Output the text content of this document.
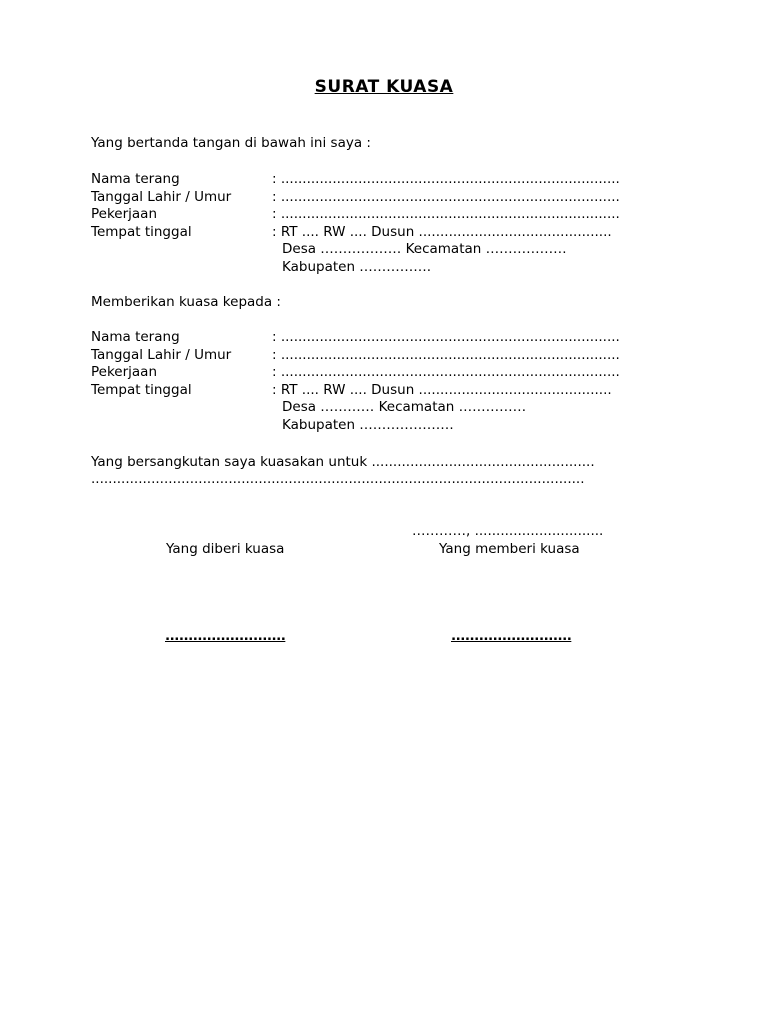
SURAT KUASA
Yang bertanda tangan di bawah ini saya :
Nama terang	: ...............................................................................
Tanggal Lahir / Umur	: ...............................................................................
Pekerjaan	: ...............................................................................
Tempat tinggal	: RT .... RW .... Dusun .............................................
Desa ……………… Kecamatan ………………
Kabupaten …………….
Memberikan kuasa kepada :
Nama terang	: ...............................................................................
Tanggal Lahir / Umur	: ...............................................................................
Pekerjaan	: ...............................................................................
Tempat tinggal	: RT .... RW .... Dusun .............................................
Desa ………… Kecamatan ……………
Kabupaten …………………
Yang bersangkutan saya kuasakan untuk ....................................................
...................................................................................................................
…………, ..............................
Yang diberi kuasa	Yang memberi kuasa
..........................	..........................
